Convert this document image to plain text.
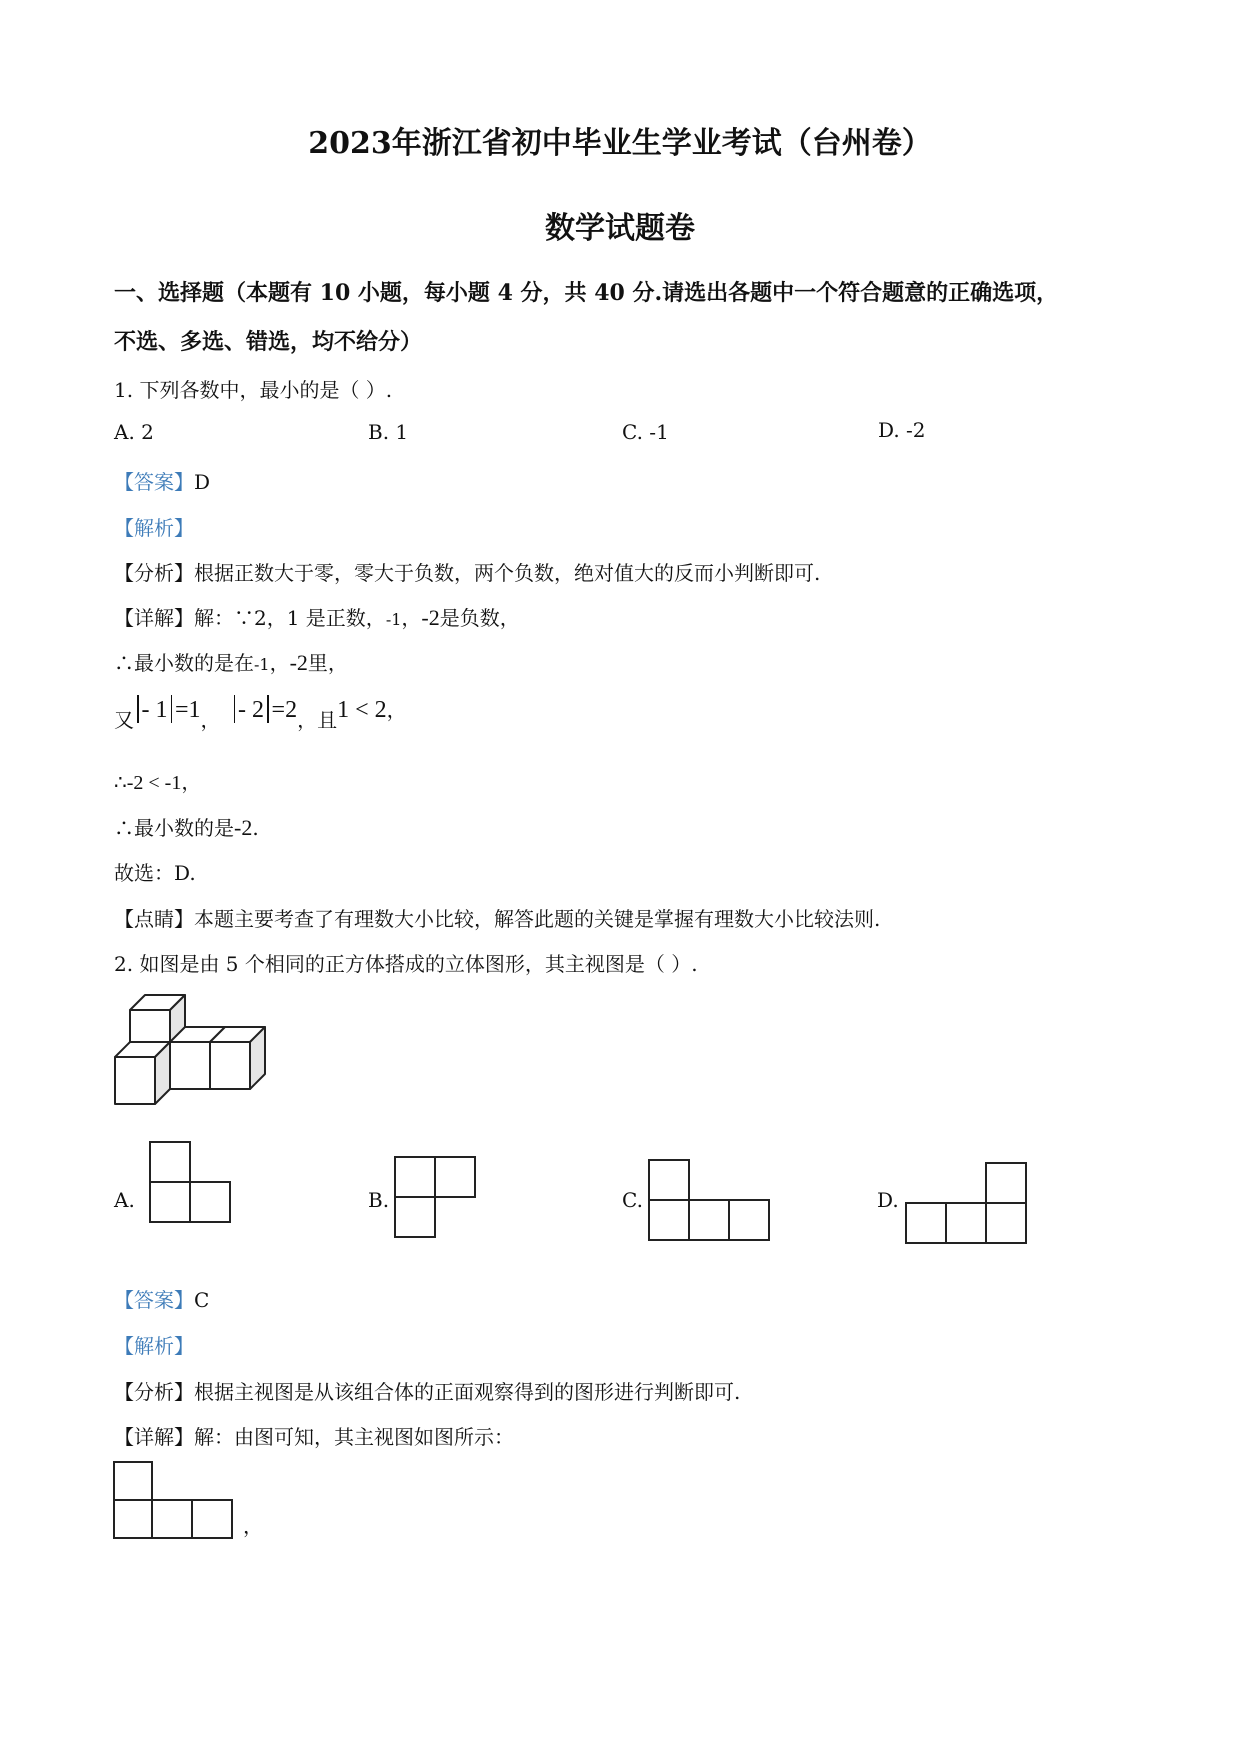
2023年浙江省初中毕业生学业考试（台州卷）
数学试题卷
一、选择题（本题有 10 小题，每小题 4 分，共 40 分.请选出各题中一个符合题意的正确选项，
不选、多选、错选，均不给分）
1. 下列各数中，最小的是（ ）.
A. 2	B. 1	C. -1	D. -2
【答案】D
【解析】
【分析】根据正数大于零，零大于负数，两个负数，绝对值大的反而小判断即可.
【详解】解：∵2，1 是正数，-1，-2是负数，
∴最小数的是在-1，-2里，
又 - 1 =1， - 2 =2，且1 < 2，
∴-2 < -1，
∴最小数的是-2.
故选：D.
【点睛】本题主要考查了有理数大小比较，解答此题的关键是掌握有理数大小比较法则.
2. 如图是由 5 个相同的正方体搭成的立体图形，其主视图是（ ）.
A.	B.	C.	D.
【答案】C
【解析】
【分析】根据主视图是从该组合体的正面观察得到的图形进行判断即可.
【详解】解：由图可知，其主视图如图所示：
，
